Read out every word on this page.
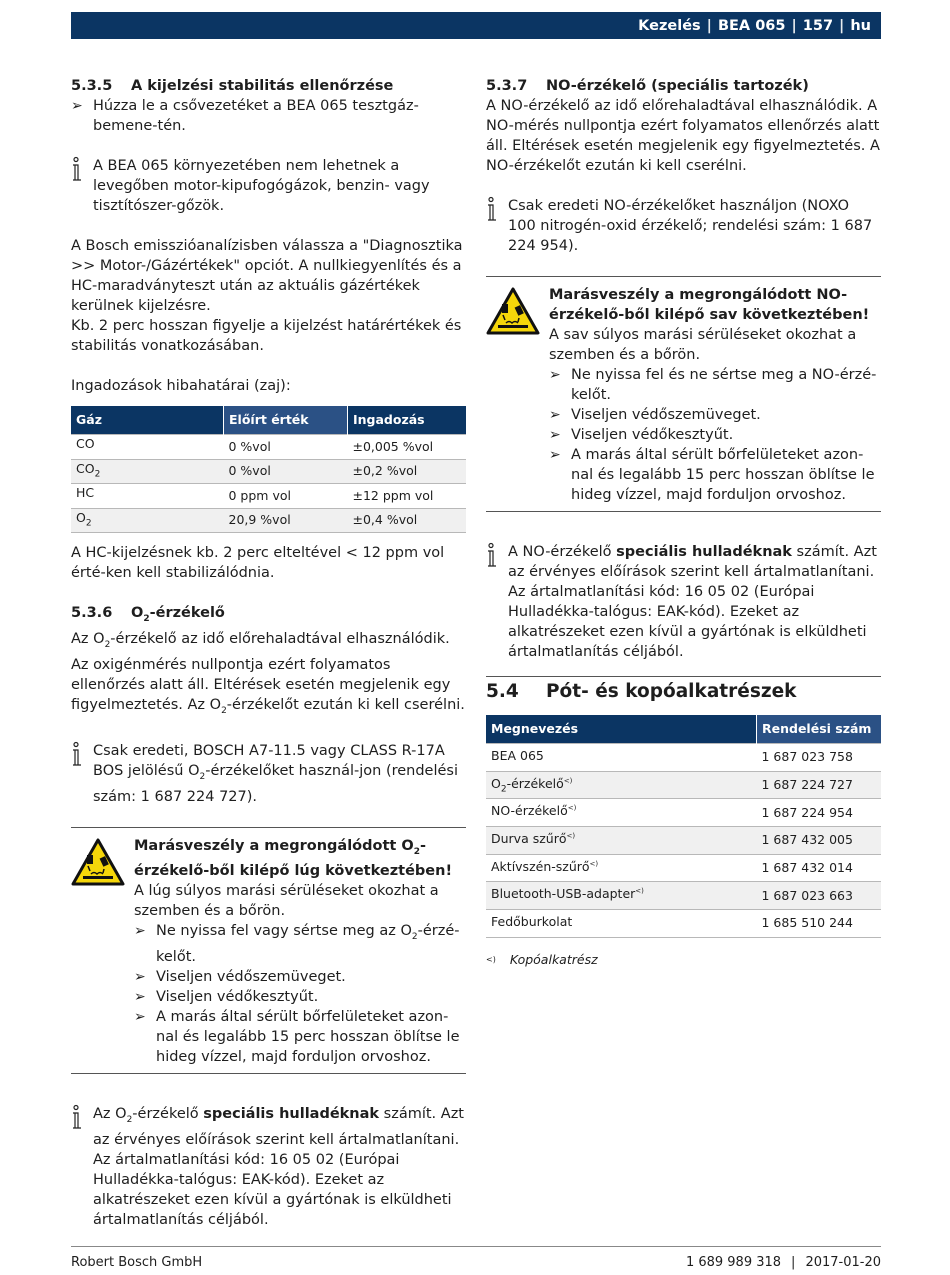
Kezelés | BEA 065 | 157 | hu
5.3.5 A kijelzési stabilitás ellenőrzése
➢ Húzza le a csővezetéket a BEA 065 tesztgáz-bemene-tén.
A BEA 065 környezetében nem lehetnek a levegőben motor-kipufogógázok, benzin- vagy tisztítószer-gőzök.

A Bosch emisszióanalízisben válassza a "Diagnosztika >> Motor-/Gázértékek" opciót. A nullkiegyenlítés és a HC-maradványteszt után az aktuális gázértékek kerülnek kijelzésre.

Kb. 2 perc hosszan figyelje a kijelzést határértékek és stabilitás vonatkozásában.

Ingadozások hibahatárai (zaj):

Gáz	Előírt érték	Ingadozás
CO	0 %vol	±0,005 %vol
$CO_2$	0 %vol	±0,2 %vol
HC	0 ppm vol	±12 ppm vol
$O_2$	20,9 %vol	±0,4 %vol

A HC-kijelzésnek kb. 2 perc elteltével < 12 ppm vol érté-ken kell stabilizálódnia.

5.3.6 $O_2$-érzékelő

Az $O_2$-érzékelő az idő előrehaladtával elhasználódik. Az oxigénmérés nullpontja ezért folyamatos ellenőrzés alatt áll. Eltérések esetén megjelenik egy figyelmeztetés. Az $O_2$-érzékelőt ezután ki kell cserélni.

Csak eredeti, BOSCH A7-11.5 vagy CLASS R-17A BOS jelölésű $O_2$-érzékelőket használ-jon (rendelési szám: 1 687 224 727).
Marásveszély a megrongálódott $O_2-érzékelő$-ből kilépő lúg következtében!
A lúg súlyos marási sérüléseket okozhat a szemben és a bőrön.
➢ Ne nyissa fel vagy sértse meg az $O_2-érzé$-kelőt.
➢ Viseljen védőszemüveget.
➢ Viseljen védőkesztyűt.
➢ A marás által sérült bőrfelületeket azon-nal és legalább 15 perc hosszan öblítse le hideg vízzel, majd forduljon orvoshoz.
Az $O_2$-érzékelő speciális hulladéknak számít. Azt az érvényes előírások szerint kell ártalmatlanítani. Az ártalmatlanítási kód: 16 05 02 (Európai Hulladékka-talógus: EAK-kód). Ezeket az alkatrészeket ezen kívül a gyártónak is elküldheti ártalmatlanítás céljából.
5.3.7 NO-érzékelő (speciális tartozék)

A NO-érzékelő az idő előrehaladtával elhasználódik. A NO-mérés nullpontja ezért folyamatos ellenőrzés alatt áll. Eltérések esetén megjelenik egy figyelmeztetés. A NO-érzékelőt ezután ki kell cserélni.

Csak eredeti NO-érzékelőket használjon (NOXO 100 nitrogén-oxid érzékelő; rendelési szám: 1 687 224 954).
Marásveszély a megrongálódott NO-érzékelő-ből kilépő sav következtében!
A sav súlyos marási sérüléseket okozhat a szemben és a bőrön.
➢ Ne nyissa fel és ne sértse meg a NO-érzé-kelőt.
➢ Viseljen védőszemüveget.
➢ Viseljen védőkesztyűt.
➢ A marás által sérült bőrfelületeket azon-nal és legalább 15 perc hosszan öblítse le hideg vízzel, majd forduljon orvoshoz.
A NO-érzékelő speciális hulladéknak számít. Azt az érvényes előírások szerint kell ártalmatlanítani. Az ártalmatlanítási kód: 16 05 02 (Európai Hulladékka-talógus: EAK-kód). Ezeket az alkatrészeket ezen kívül a gyártónak is elküldheti ártalmatlanítás céljából.
5.4 Pót- és kopóalkatrészek
Megnevezés	Rendelési szám
BEA 065	1 687 023 758
$O_2-érzékelő^{<)}$	1 687 224 727
NO-érzékelő<)	1 687 224 954
Durva szűrő<)	1 687 432 005
Aktívszén-szűrő<)	1 687 432 014
Bluetooth-USB-adapter<)	1 687 023 663
Fedőburkolat	1 685 510 244
<) Kopóalkatrész
Robert Bosch GmbH	1 689 989 318 | 2017-01-20
